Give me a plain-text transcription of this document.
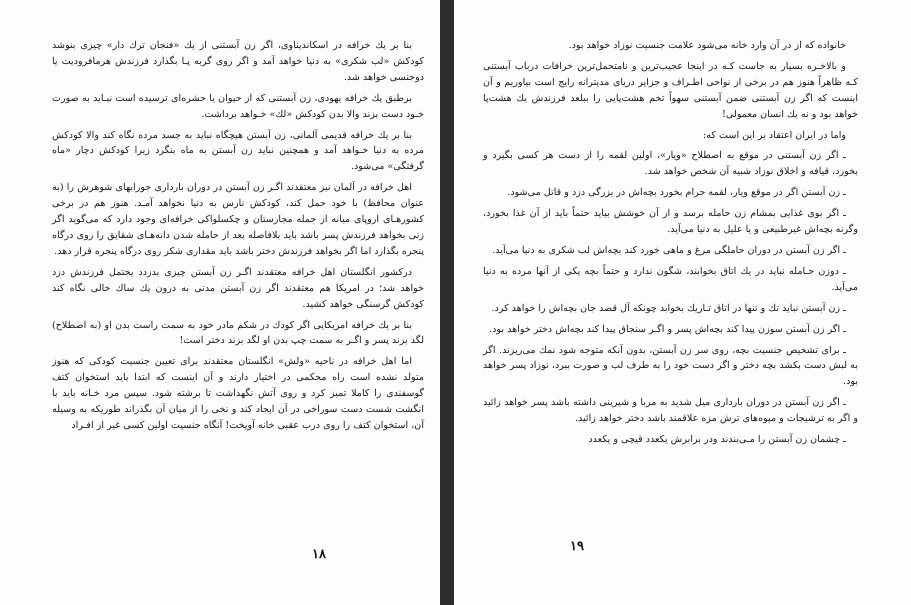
بنا بر یك خرافه در اسکاندیناوی، اگر زن آبستنی از یك «فنجان ترك دار» چیزی بنوشد کودکش «لب شکری» به دنیا خواهد آمد و اگر روی گربه پـا بگذارد فرزندش هرمافرودیت یا دوجنسی خواهد شد.

برطبق یك خرافه یهودی، زن آبستنی که از حیوان یا حشره‌ای ترسیده است نبـاید به صورت خـود دست بزند والا بدن کودکش «لك» خـواهد برداشت.

بنا بر یك خرافه قدیمی آلمانی، زن آبستن هیچگاه نباید به جسد مرده نگاه کند والا کودکش مرده به دنیا خـواهد آمد و همچنین نباید زن آبستن به ماه بنگرد زیرا کودکش دچار «ماه گرفتگی» می‌شود.

اهل خرافه در آلمان نیز معتقدند اگـر زن آبستن در دوران بارداری جورابهای شوهرش را (به عنوان محافظ) با خود حمل کند، کودکش نارس به دنیا نخواهد آمـد. هنوز هم در برخی کشورهـای اروپای میانه از جمله مجارستان و چکسلواکی خرافه‌ای وجود دارد که می‌گوید اگر زنی بخواهد فرزندش پسر باشد باید بلافاصله بعد از حامله شدن دانه‌هـای شقایق را روی درگاه پنجره بگذارد اما اگر بخواهد فرزندش دختر باشد باید مقداری شکر روی درگاه پنجره قرار دهد.

درکشور انگلستان اهل خرافه معتقدند اگـر زن آبستن چیزی بدزدد یحتمل فرزندش دزد خواهد شد؛ در امریکا هم معتقدند اگر زن آبستن مدتی به درون یك ساك خالی نگاه کند کودکش گرسنگی خواهد کشید.

بنا بر یك خرافه امریکایی اگر کودك در شکم مادر خود به سمت راست بدن او (به اصطلاح) لگد بزند پسر و اگـر به سمت چپ بدن او لگد بزند دختر است!

اما اهل خرافه در ناحیه «ولش» انگلستان معتقدند برای تعیین جنسیت کودکی که هنوز متولد نشده است راه محکمی در اختیار دارند و آن اینست که ابتدا باید استخوان کتف گوسفندی را کاملا تمیز کرد و روی آتش نگهداشت تا برشته شود. سپس مرد خـانه باید با انگشت شست دست سوراخی در آن ایجاد کند و نخی را از میان آن بگذراند طوریکه به وسیله آن، استخوان کتف را روی درب عقبی خانه آویخت! آنگاه جنسیت اولین کسی غیر از افـراد

۱۸

خانواده که از در آن وارد خانه می‌شود علامت جنسیت نوزاد خواهد بود.

و بالاخـره بسیار به جاست کـه در اینجا عجیب‌ترین و نامتحمل‌ترین خرافات درباب آبستنی کـه ظاهراً هنوز هم در برخی از نواحی اطـراف و جزایر دریای مدیترانه رایج است بیاوریم و آن اینست که اگر زن آبستنی ضمن آبستنی سهواً تخم هشت‌پایی را ببلعد فرزندش یك هشت‌پا خواهد بود و نه یك انسان معمولی!

واما در ایران اعتقاد بر این است که:

ـ اگر زن آبستنی در موقع به اصطلاح «ویار»، اولین لقمه را از دست هر کسی بگیرد و بخورد، قیافه و اخلاق نوزاد شبیه آن شخص خواهد شد.

ـ زن آبستن اگر در موقع ویار، لقمه حرام بخورد بچه‌اش در بزرگی دزد و قاتل می‌شود.

ـ اگر بوی غذایی بمشام زن حامله برسد و از آن خوشش بیاید حتماً باید از آن غذا بخورد، وگرنه بچه‌اش غیرطبیعی و یا علیل به دنیا می‌آید.

ـ اگر زن آبستن در دوران حاملگی مرغ و ماهی خورد کند بچه‌اش لب شکری به دنیا می‌آید.

ـ دوزن حـامله نباید در یك اتاق بخوابند، شگون ندارد و حتماً بچه یکی از آنها مرده به دنیا می‌آید.

ـ زن آبستن نباید تك و تنها در اتاق تـاریك بخوابد چونکه آل قصد جان بچه‌اش را خواهد کرد.

ـ اگر زن آبستن سوزن پیدا کند بچه‌اش پسر و اگـر سنجاق پیدا کند بچه‌اش دختر خواهد بود.

ـ برای تشخیص جنسیت بچه، روی سر زن آبستن، بدون آنکه متوجه شود نمك می‌ریزند. اگر به لبش دست بکشد بچه دختر و اگر دست خود را به طرف لب و صورت ببرد، نوزاد پسر خواهد بود.

ـ اگر زن آبستن در دوران بارداری میل شدید به مربا و شیرینی داشته باشد پسر خواهد زائید و اگر به ترشیجات و میوه‌های ترش مزه علاقمند باشد دختر خواهد زائید.

ـ چشمان زن آبستن را مـی‌بندند ودر برابرش یکعدد قیچی و یکعدد

۱۹
